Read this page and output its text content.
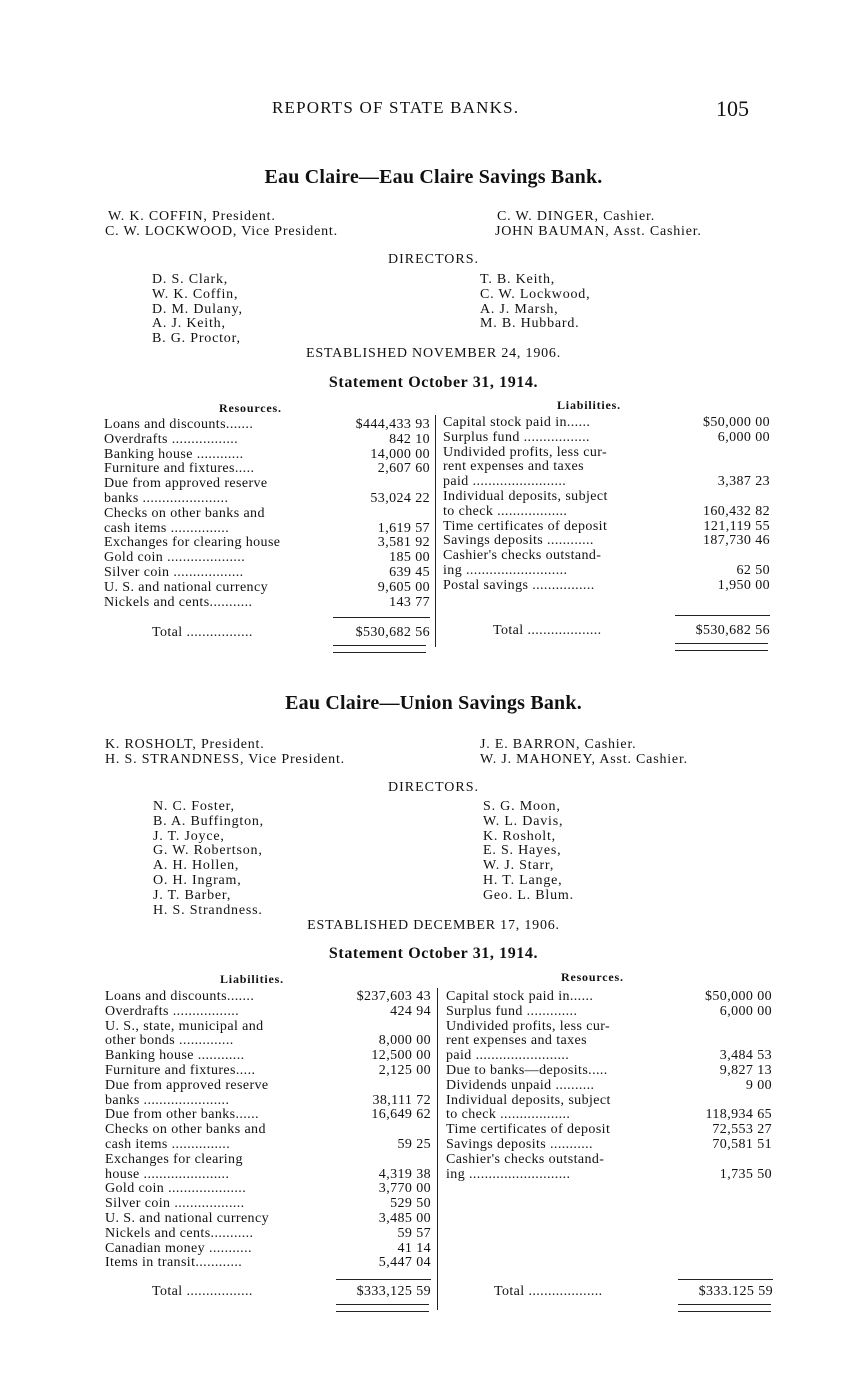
REPORTS OF STATE BANKS.	105
Eau Claire—Eau Claire Savings Bank.
W. K. COFFIN, President.
C. W. LOCKWOOD, Vice President.
C. W. DINGER, Cashier.
JOHN BAUMAN, Asst. Cashier.
DIRECTORS.
D. S. Clark,
W. K. Coffin,
D. M. Dulany,
A. J. Keith,
B. G. Proctor,
T. B. Keith,
C. W. Lockwood,
A. J. Marsh,
M. B. Hubbard.
ESTABLISHED NOVEMBER 24, 1906.
Statement October 31, 1914.
Resources.	Liabilities.
Loans and discounts.......	$444,433 93
Overdrafts .................	842 10
Banking house ............	14,000 00
Furniture and fixtures.....	2,607 60
Due from approved reserve
banks ......................	53,024 22
Checks on other banks and
cash items ...............	1,619 57
Exchanges for clearing house	3,581 92
Gold coin ....................	185 00
Silver coin ..................	639 45
U. S. and national currency	9,605 00
Nickels and cents...........	143 77
Capital stock paid in......	$50,000 00
Surplus fund .................	6,000 00
Undivided profits, less cur-
rent expenses and taxes
paid ........................	3,387 23
Individual deposits, subject
to check ..................	160,432 82
Time certificates of deposit	121,119 55
Savings deposits ............	187,730 46
Cashier's checks outstand-
ing ..........................	62 50
Postal savings ................	1,950 00
Total .................	$530,682 56	Total ...................	$530,682 56
Eau Claire—Union Savings Bank.
K. ROSHOLT, President.
H. S. STRANDNESS, Vice President.
J. E. BARRON, Cashier.
W. J. MAHONEY, Asst. Cashier.
DIRECTORS.
N. C. Foster,
B. A. Buffington,
J. T. Joyce,
G. W. Robertson,
A. H. Hollen,
O. H. Ingram,
J. T. Barber,
H. S. Strandness.
S. G. Moon,
W. L. Davis,
K. Rosholt,
E. S. Hayes,
W. J. Starr,
H. T. Lange,
Geo. L. Blum.
ESTABLISHED DECEMBER 17, 1906.
Statement October 31, 1914.
Liabilities.	Resources.
Loans and discounts.......	$237,603 43
Overdrafts .................	424 94
U. S., state, municipal and
other bonds ..............	8,000 00
Banking house ............	12,500 00
Furniture and fixtures.....	2,125 00
Due from approved reserve
banks ......................	38,111 72
Due from other banks......	16,649 62
Checks on other banks and
cash items ...............	59 25
Exchanges for clearing
house ......................	4,319 38
Gold coin ....................	3,770 00
Silver coin ..................	529 50
U. S. and national currency	3,485 00
Nickels and cents...........	59 57
Canadian money ...........	41 14
Items in transit............	5,447 04
Capital stock paid in......	$50,000 00
Surplus fund .............	6,000 00
Undivided profits, less cur-
rent expenses and taxes
paid ........................	3,484 53
Due to banks—deposits.....	9,827 13
Dividends unpaid ..........	9 00
Individual deposits, subject
to check ..................	118,934 65
Time certificates of deposit	72,553 27
Savings deposits ...........	70,581 51
Cashier's checks outstand-
ing ..........................	1,735 50
Total .................	$333,125 59	Total ...................	$333.125 59
